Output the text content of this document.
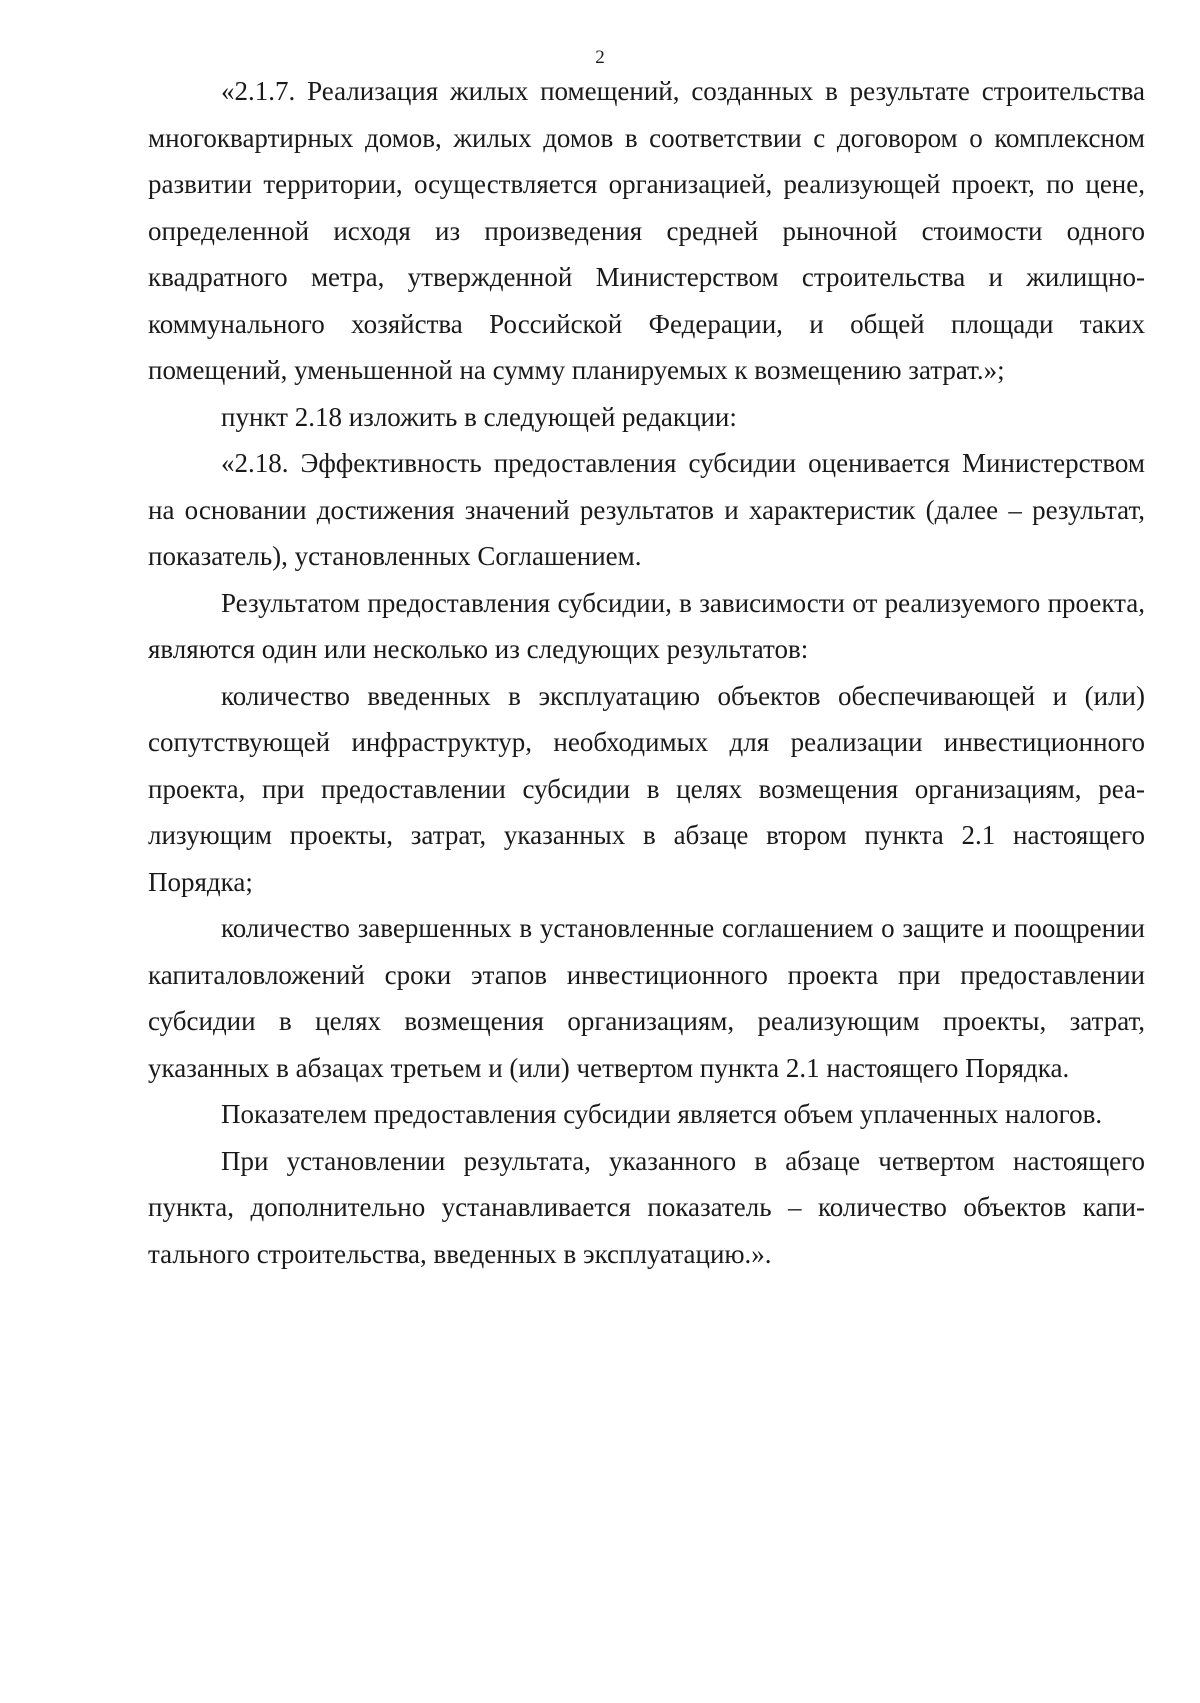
2

«2.1.7. Реализация жилых помещений, созданных в результате строительства многоквартирных домов, жилых домов в соответствии с договором о комплексном развитии территории, осуществляется организацией, реализующей проект, по цене, определенной исходя из произведения средней рыночной стоимости одного квадратного метра, утвержденной Министерством строительства и жилищно-коммунального хозяйства Российской Федерации, и общей площади таких помещений, уменьшенной на сумму планируемых к возмещению затрат.»;

пункт 2.18 изложить в следующей редакции:

«2.18. Эффективность предоставления субсидии оценивается Министерством на основании достижения значений результатов и характеристик (далее – результат, показатель), установленных Соглашением.

Результатом предоставления субсидии, в зависимости от реализуемого проекта, являются один или несколько из следующих результатов:

количество введенных в эксплуатацию объектов обеспечивающей и (или) сопутствующей инфраструктур, необходимых для реализации инвестиционного проекта, при предоставлении субсидии в целях возмещения организациям, реализующим проекты, затрат, указанных в абзаце втором пункта 2.1 настоящего Порядка;

количество завершенных в установленные соглашением о защите и поощрении капиталовложений сроки этапов инвестиционного проекта при предоставлении субсидии в целях возмещения организациям, реализующим проекты, затрат, указанных в абзацах третьем и (или) четвертом пункта 2.1 настоящего Порядка.

Показателем предоставления субсидии является объем уплаченных налогов.

При установлении результата, указанного в абзаце четвертом настоящего пункта, дополнительно устанавливается показатель – количество объектов капитального строительства, введенных в эксплуатацию.».
